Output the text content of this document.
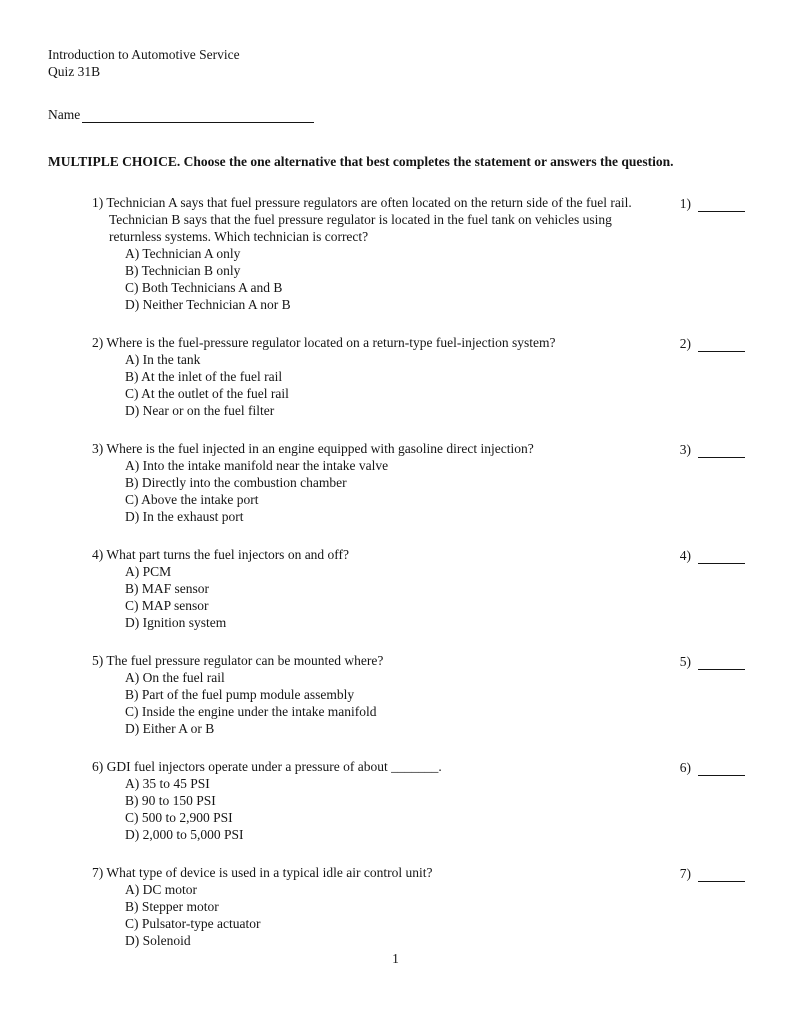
Introduction to Automotive Service
Quiz 31B
Name
MULTIPLE CHOICE. Choose the one alternative that best completes the statement or answers the question.
1) Technician A says that fuel pressure regulators are often located on the return side of the fuel rail. Technician B says that the fuel pressure regulator is located in the fuel tank on vehicles using returnless systems. Which technician is correct?
A) Technician A only
B) Technician B only
C) Both Technicians A and B
D) Neither Technician A nor B
1)
2) Where is the fuel-pressure regulator located on a return-type fuel-injection system?
A) In the tank
B) At the inlet of the fuel rail
C) At the outlet of the fuel rail
D) Near or on the fuel filter
2)
3) Where is the fuel injected in an engine equipped with gasoline direct injection?
A) Into the intake manifold near the intake valve
B) Directly into the combustion chamber
C) Above the intake port
D) In the exhaust port
3)
4) What part turns the fuel injectors on and off?
A) PCM
B) MAF sensor
C) MAP sensor
D) Ignition system
4)
5) The fuel pressure regulator can be mounted where?
A) On the fuel rail
B) Part of the fuel pump module assembly
C) Inside the engine under the intake manifold
D) Either A or B
5)
6) GDI fuel injectors operate under a pressure of about _______.
A) 35 to 45 PSI
B) 90 to 150 PSI
C) 500 to 2,900 PSI
D) 2,000 to 5,000 PSI
6)
7) What type of device is used in a typical idle air control unit?
A) DC motor
B) Stepper motor
C) Pulsator-type actuator
D) Solenoid
7)
1
